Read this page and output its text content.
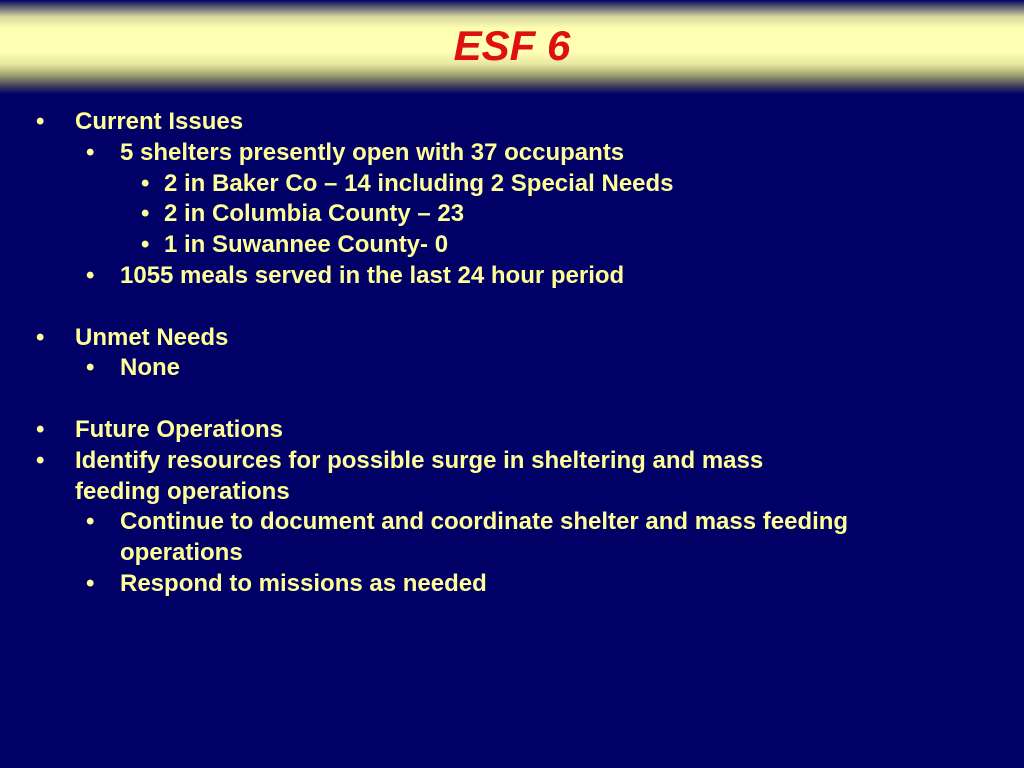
ESF 6
• Current Issues
• 5 shelters presently open with 37 occupants
• 2 in Baker Co – 14 including 2 Special Needs
• 2 in Columbia County – 23
• 1 in Suwannee County- 0
• 1055 meals served in the last 24 hour period
• Unmet Needs
• None
• Future Operations
• Identify resources for possible surge in sheltering and mass
feeding operations
• Continue to document and coordinate shelter and mass feeding
operations
• Respond to missions as needed
